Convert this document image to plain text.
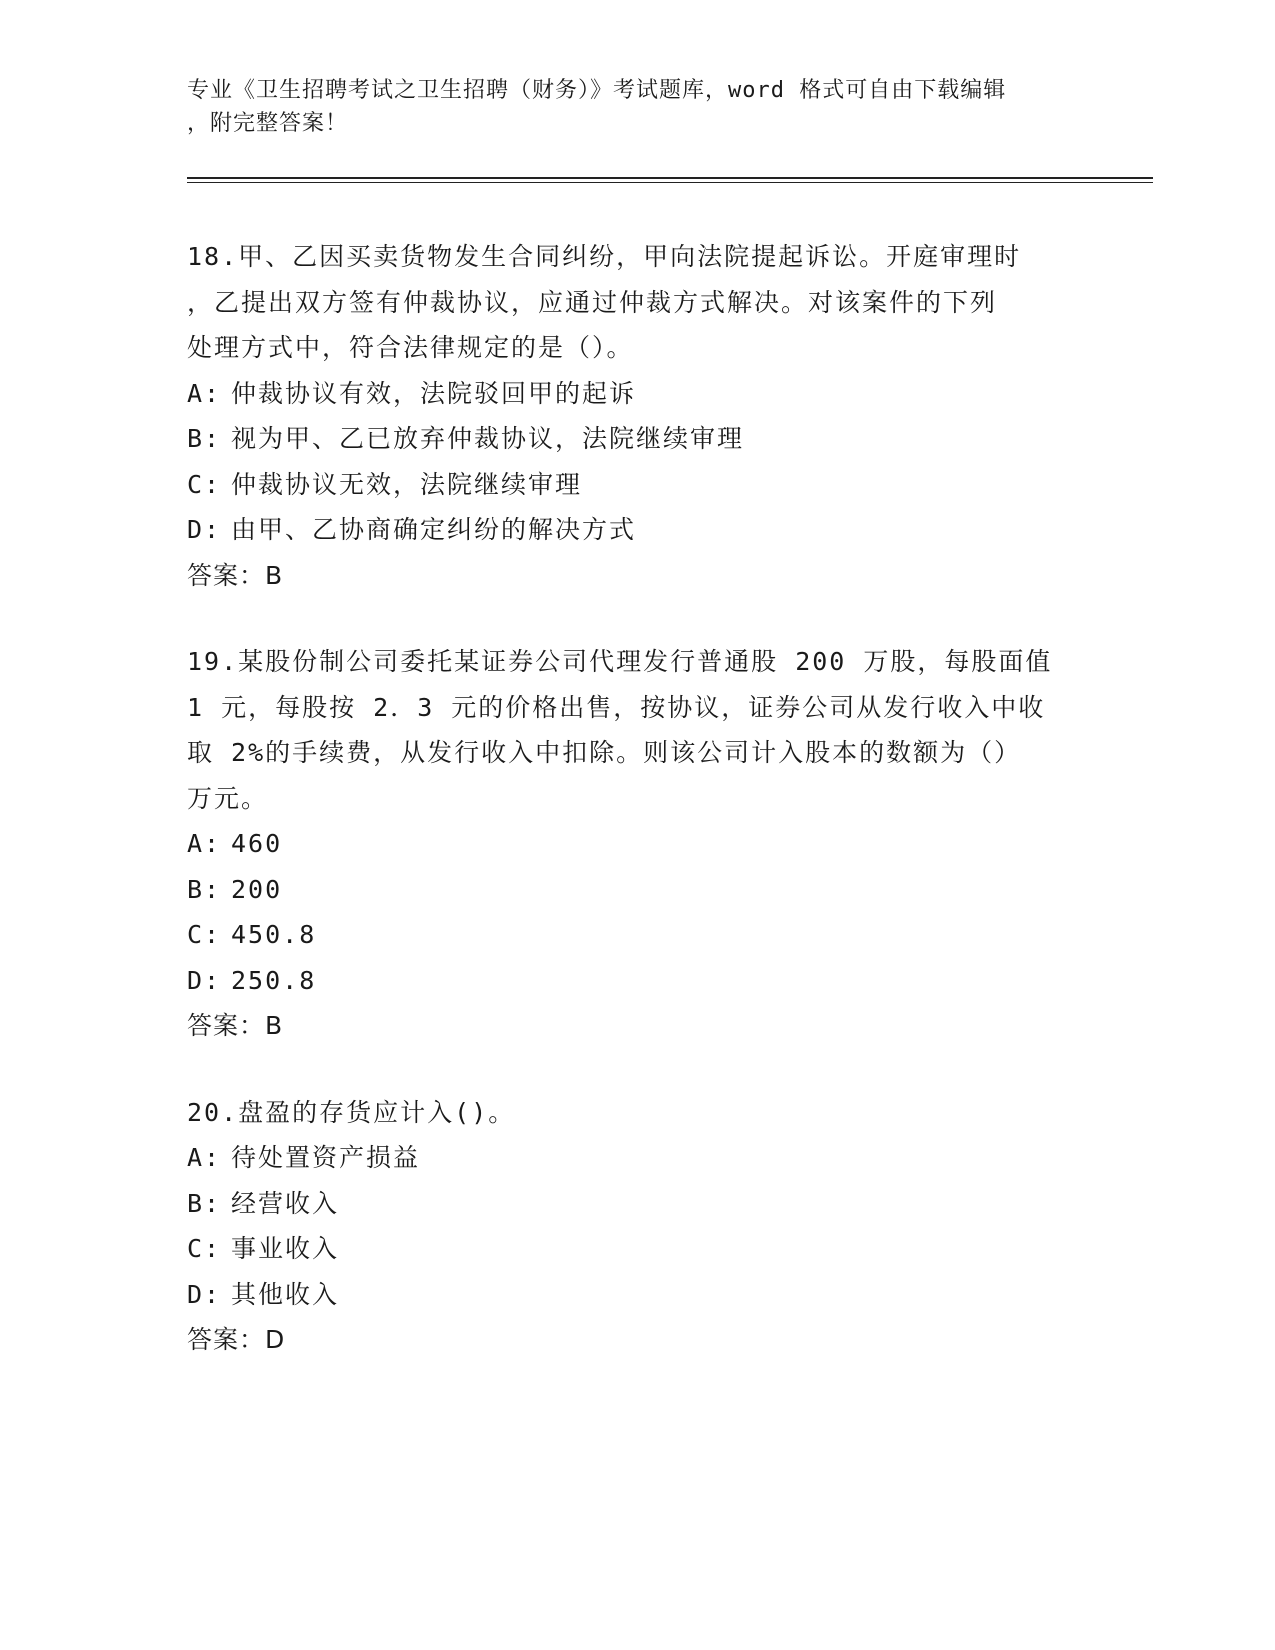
专业《卫生招聘考试之卫生招聘（财务）》考试题库，word 格式可自由下载编辑
，附完整答案！
18.甲、乙因买卖货物发生合同纠纷，甲向法院提起诉讼。开庭审理时
，乙提出双方签有仲裁协议，应通过仲裁方式解决。对该案件的下列
处理方式中，符合法律规定的是（）。
A: 仲裁协议有效，法院驳回甲的起诉
B: 视为甲、乙已放弃仲裁协议，法院继续审理
C: 仲裁协议无效，法院继续审理
D: 由甲、乙协商确定纠纷的解决方式
答案：B
19.某股份制公司委托某证券公司代理发行普通股 200 万股，每股面值
1 元，每股按 2．3 元的价格出售，按协议，证券公司从发行收入中收
取 2%的手续费，从发行收入中扣除。则该公司计入股本的数额为（）
万元。
A: 460
B: 200
C: 450.8
D: 250.8
答案：B
20.盘盈的存货应计入()。
A: 待处置资产损益
B: 经营收入
C: 事业收入
D: 其他收入
答案：D
